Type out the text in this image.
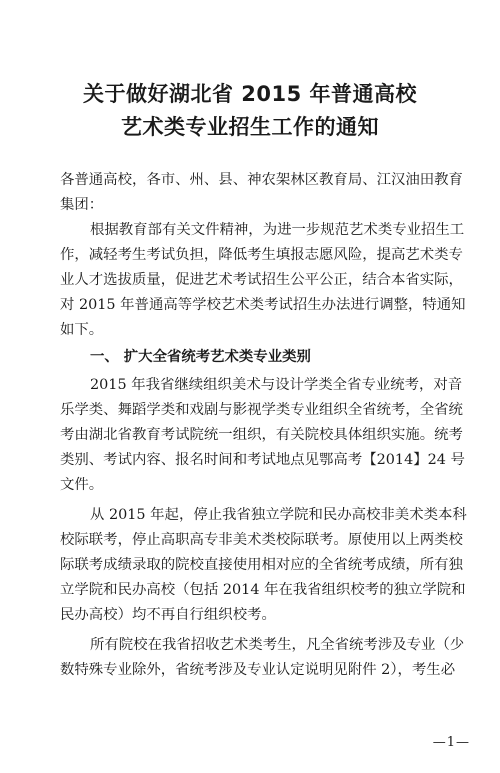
关于做好湖北省 2015 年普通高校
艺术类专业招生工作的通知

各普通高校，各市、州、县、神农架林区教育局、江汉油田教育

集团：

根据教育部有关文件精神，为进一步规范艺术类专业招生工

作，减轻考生考试负担，降低考生填报志愿风险，提高艺术类专

业人才选拔质量，促进艺术考试招生公平公正，结合本省实际，

对 2015 年普通高等学校艺术类考试招生办法进行调整，特通知

如下。

一、 扩大全省统考艺术类专业类别

2015 年我省继续组织美术与设计学类全省专业统考，对音

乐学类、舞蹈学类和戏剧与影视学类专业组织全省统考，全省统

考由湖北省教育考试院统一组织，有关院校具体组织实施。统考

类别、考试内容、报名时间和考试地点见鄂高考【2014】24 号

文件。

从 2015 年起，停止我省独立学院和民办高校非美术类本科

校际联考，停止高职高专非美术类校际联考。原使用以上两类校

际联考成绩录取的院校直接使用相对应的全省统考成绩，所有独

立学院和民办高校（包括 2014 年在我省组织校考的独立学院和

民办高校）均不再自行组织校考。

所有院校在我省招收艺术类考生，凡全省统考涉及专业（少

数特殊专业除外，省统考涉及专业认定说明见附件 2），考生必

—1—
